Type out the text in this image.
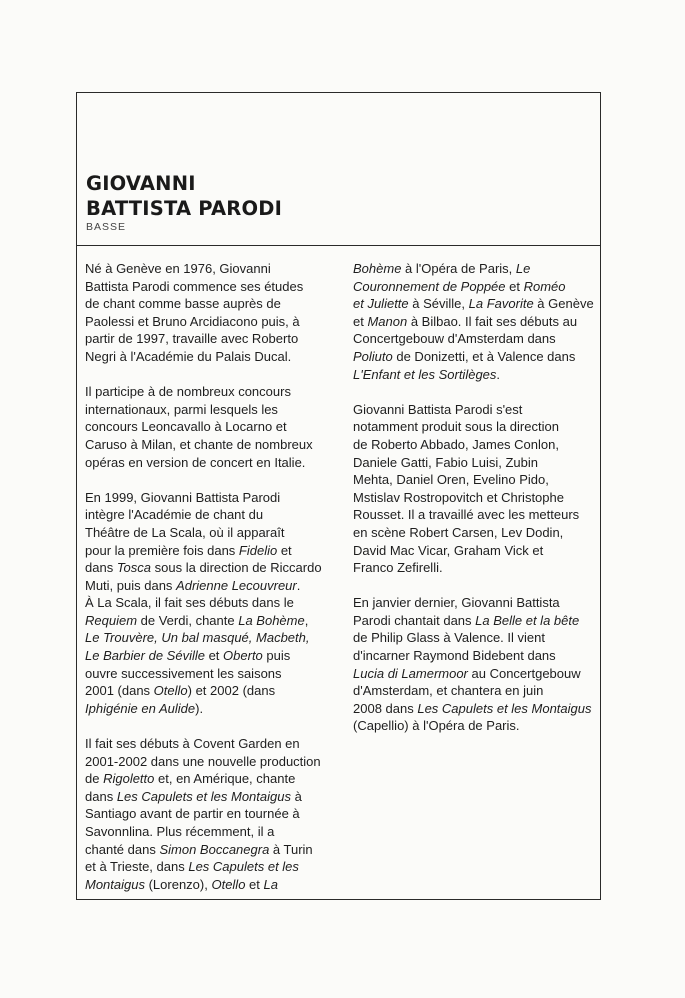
GIOVANNI
BATTISTA PARODI
BASSE

Né à Genève en 1976, Giovanni
Battista Parodi commence ses études
de chant comme basse auprès de
Paolessi et Bruno Arcidiacono puis, à
partir de 1997, travaille avec Roberto
Negri à l'Académie du Palais Ducal.

Il participe à de nombreux concours
internationaux, parmi lesquels les
concours Leoncavallo à Locarno et
Caruso à Milan, et chante de nombreux
opéras en version de concert en Italie.

En 1999, Giovanni Battista Parodi
intègre l'Académie de chant du
Théâtre de La Scala, où il apparaît
pour la première fois dans Fidelio et
dans Tosca sous la direction de Riccardo
Muti, puis dans Adrienne Lecouvreur.
À La Scala, il fait ses débuts dans le
Requiem de Verdi, chante La Bohème,
Le Trouvère, Un bal masqué, Macbeth,
Le Barbier de Séville et Oberto puis
ouvre successivement les saisons
2001 (dans Otello) et 2002 (dans
Iphigénie en Aulide).

Il fait ses débuts à Covent Garden en
2001-2002 dans une nouvelle production
de Rigoletto et, en Amérique, chante
dans Les Capulets et les Montaigus à
Santiago avant de partir en tournée à
Savonnlina. Plus récemment, il a
chanté dans Simon Boccanegra à Turin
et à Trieste, dans Les Capulets et les
Montaigus (Lorenzo), Otello et La

Bohème à l'Opéra de Paris, Le
Couronnement de Poppée et Roméo
et Juliette à Séville, La Favorite à Genève
et Manon à Bilbao. Il fait ses débuts au
Concertgebouw d'Amsterdam dans
Poliuto de Donizetti, et à Valence dans
L'Enfant et les Sortilèges.

Giovanni Battista Parodi s'est
notamment produit sous la direction
de Roberto Abbado, James Conlon,
Daniele Gatti, Fabio Luisi, Zubin
Mehta, Daniel Oren, Evelino Pido,
Mstislav Rostropovitch et Christophe
Rousset. Il a travaillé avec les metteurs
en scène Robert Carsen, Lev Dodin,
David Mac Vicar, Graham Vick et
Franco Zefirelli.

En janvier dernier, Giovanni Battista
Parodi chantait dans La Belle et la bête
de Philip Glass à Valence. Il vient
d'incarner Raymond Bidebent dans
Lucia di Lamermoor au Concertgebouw
d'Amsterdam, et chantera en juin
2008 dans Les Capulets et les Montaigus
(Capellio) à l'Opéra de Paris.
